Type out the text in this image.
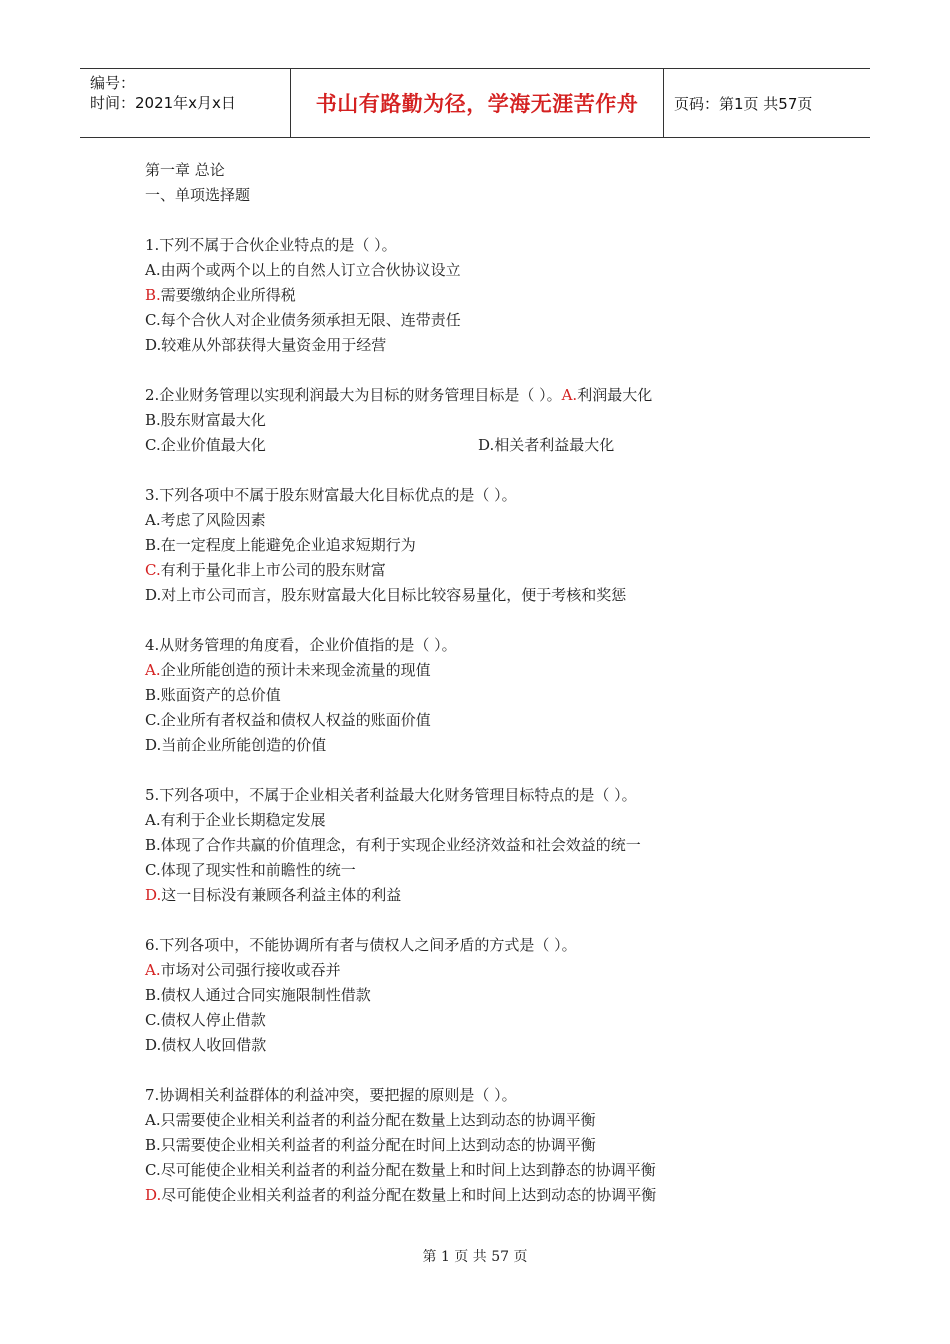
编号：
时间：2021年x月x日	书山有路勤为径，学海无涯苦作舟	页码：第1页 共57页
第一章 总论
一、单项选择题
1.下列不属于合伙企业特点的是（ ）。
A.由两个或两个以上的自然人订立合伙协议设立
B.需要缴纳企业所得税
C.每个合伙人对企业债务须承担无限、连带责任
D.较难从外部获得大量资金用于经营
2.企业财务管理以实现利润最大为目标的财务管理目标是（ ）。A.利润最大化
B.股东财富最大化
C.企业价值最大化	D.相关者利益最大化
3.下列各项中不属于股东财富最大化目标优点的是（ ）。
A.考虑了风险因素
B.在一定程度上能避免企业追求短期行为
C.有利于量化非上市公司的股东财富
D.对上市公司而言，股东财富最大化目标比较容易量化，便于考核和奖惩
4.从财务管理的角度看，企业价值指的是（ ）。
A.企业所能创造的预计未来现金流量的现值
B.账面资产的总价值
C.企业所有者权益和债权人权益的账面价值
D.当前企业所能创造的价值
5.下列各项中，不属于企业相关者利益最大化财务管理目标特点的是（ ）。
A.有利于企业长期稳定发展
B.体现了合作共赢的价值理念，有利于实现企业经济效益和社会效益的统一
C.体现了现实性和前瞻性的统一
D.这一目标没有兼顾各利益主体的利益
6.下列各项中，不能协调所有者与债权人之间矛盾的方式是（ ）。
A.市场对公司强行接收或吞并
B.债权人通过合同实施限制性借款
C.债权人停止借款
D.债权人收回借款
7.协调相关利益群体的利益冲突，要把握的原则是（ ）。
A.只需要使企业相关利益者的利益分配在数量上达到动态的协调平衡
B.只需要使企业相关利益者的利益分配在时间上达到动态的协调平衡
C.尽可能使企业相关利益者的利益分配在数量上和时间上达到静态的协调平衡
D.尽可能使企业相关利益者的利益分配在数量上和时间上达到动态的协调平衡
第 1 页 共 57 页
